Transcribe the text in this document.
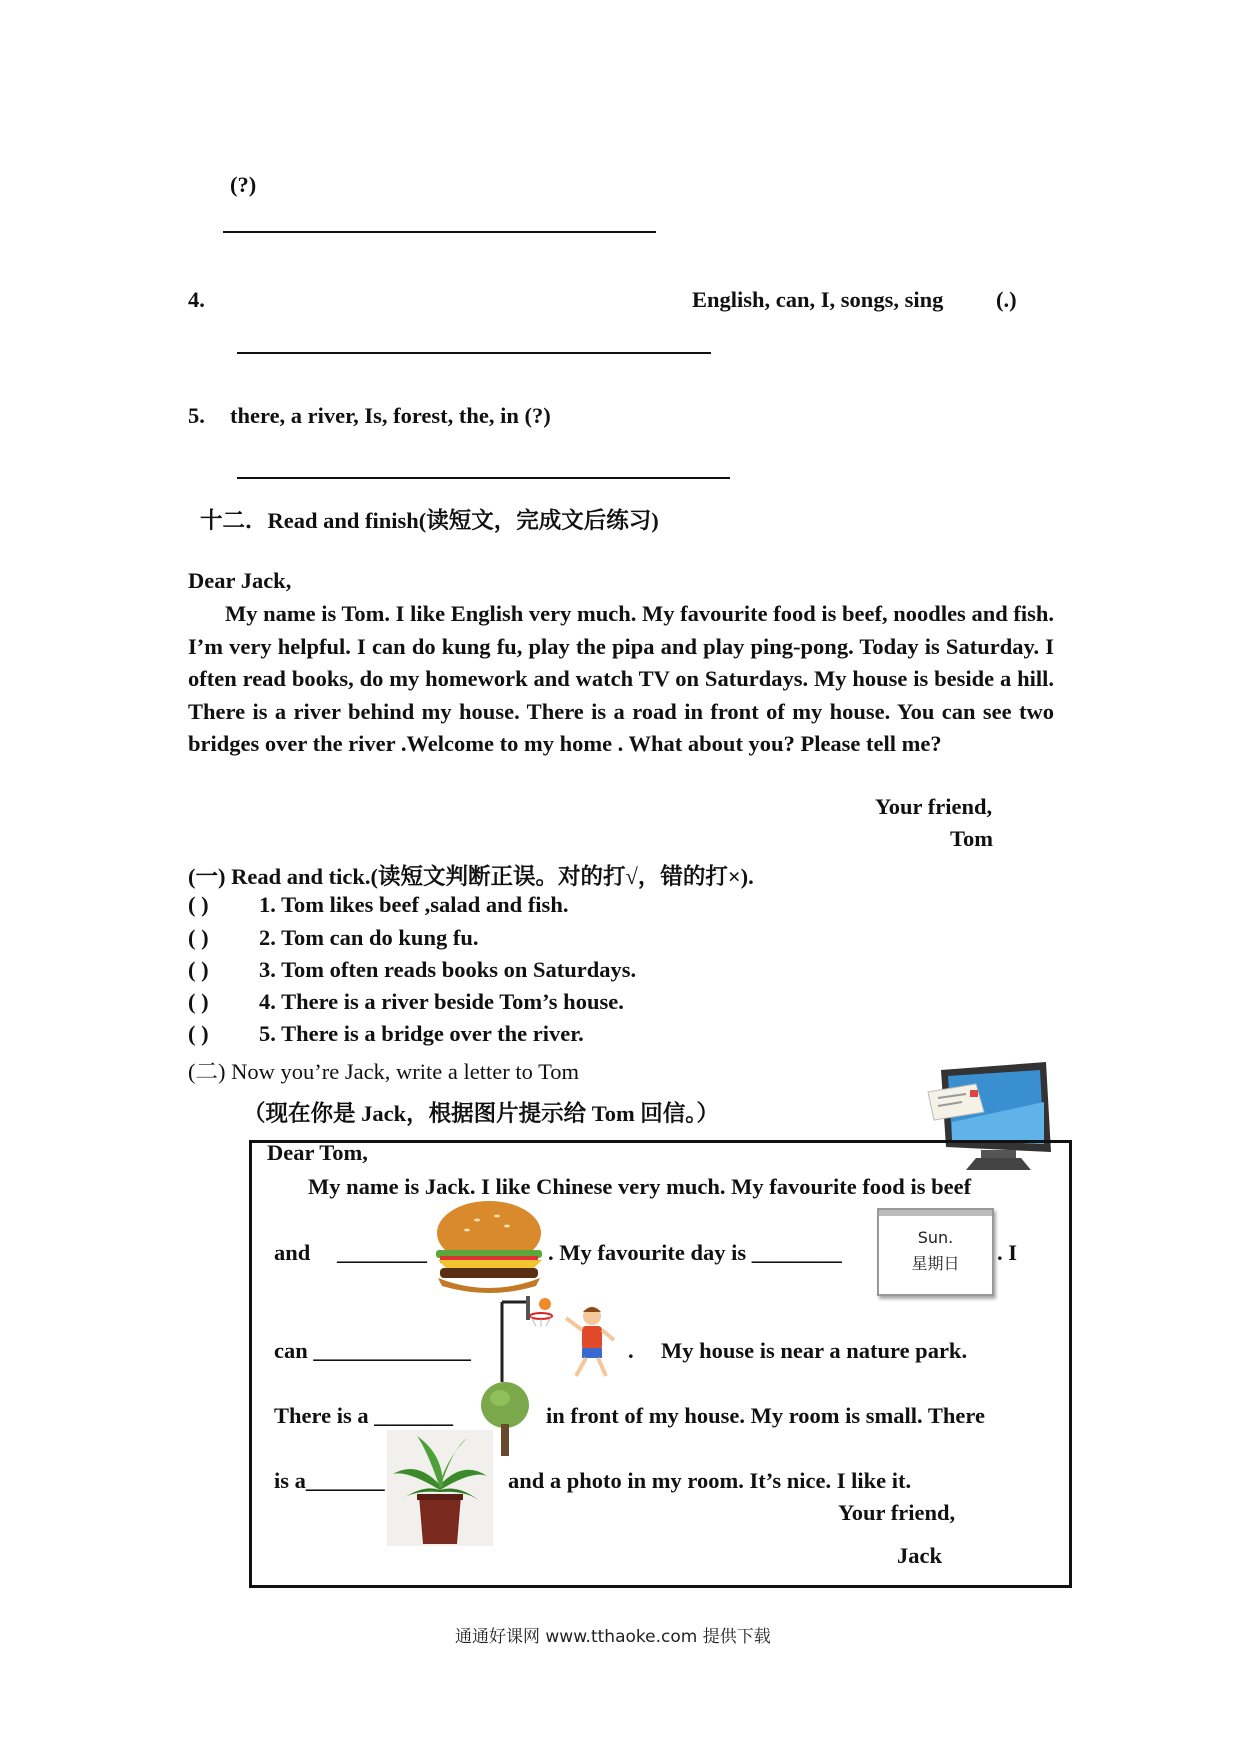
(?)
4.	English, can, I, songs, sing (.)
5. there, a river, Is, forest, the, in (?)
十二．Read and finish(读短文，完成文后练习)
Dear Jack,
My name is Tom. I like English very much. My favourite food is beef, noodles and fish. I’m very helpful. I can do kung fu, play the pipa and play ping-pong. Today is Saturday. I often read books, do my homework and watch TV on Saturdays. My house is beside a hill. There is a river behind my house. There is a road in front of my house. You can see two bridges over the river .Welcome to my home . What about you? Please tell me?
Your friend,
Tom
(一) Read and tick.(读短文判断正误。对的打√，错的打×).
( ) 1. Tom likes beef ,salad and fish.
( ) 2. Tom can do kung fu.
( ) 3. Tom often reads books on Saturdays.
( ) 4. There is a river beside Tom’s house.
( ) 5. There is a bridge over the river.
(二) Now you’re Jack, write a letter to Tom
（现在你是 Jack，根据图片提示给 Tom 回信。）
Dear Tom,
My name is Jack. I like Chinese very much. My favourite food is beef
and ________	. My favourite day is ________
Sun.
星期日	. I
can ______________	. My house is near a nature park.
There is a _______	in front of my house. My room is small. There
is a_______	and a photo in my room. It’s nice. I like it.
Your friend,
Jack
通通好课网 www.tthaoke.com 提供下载
